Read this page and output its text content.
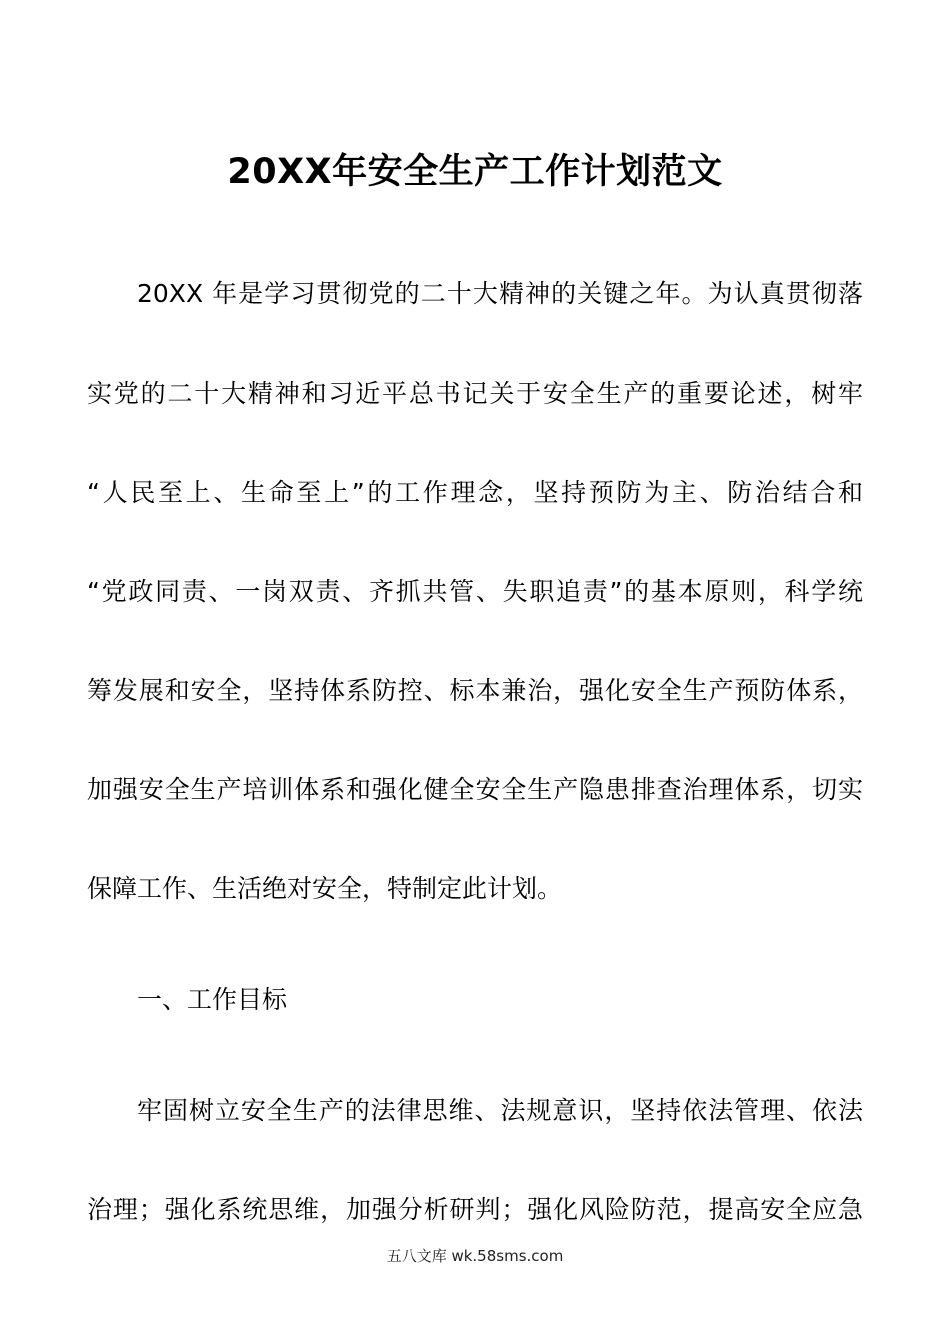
20XX年安全生产工作计划范文
20XX 年是学习贯彻党的二十大精神的关键之年。为认真贯彻落
实党的二十大精神和习近平总书记关于安全生产的重要论述，树牢
“人民至上、生命至上”的工作理念，坚持预防为主、防治结合和
“党政同责、一岗双责、齐抓共管、失职追责”的基本原则，科学统
筹发展和安全，坚持体系防控、标本兼治，强化安全生产预防体系，
加强安全生产培训体系和强化健全安全生产隐患排查治理体系，切实
保障工作、生活绝对安全，特制定此计划。
一、工作目标
牢固树立安全生产的法律思维、法规意识，坚持依法管理、依法
治理；强化系统思维，加强分析研判；强化风险防范，提高安全应急
五八文库 wk.58sms.com
